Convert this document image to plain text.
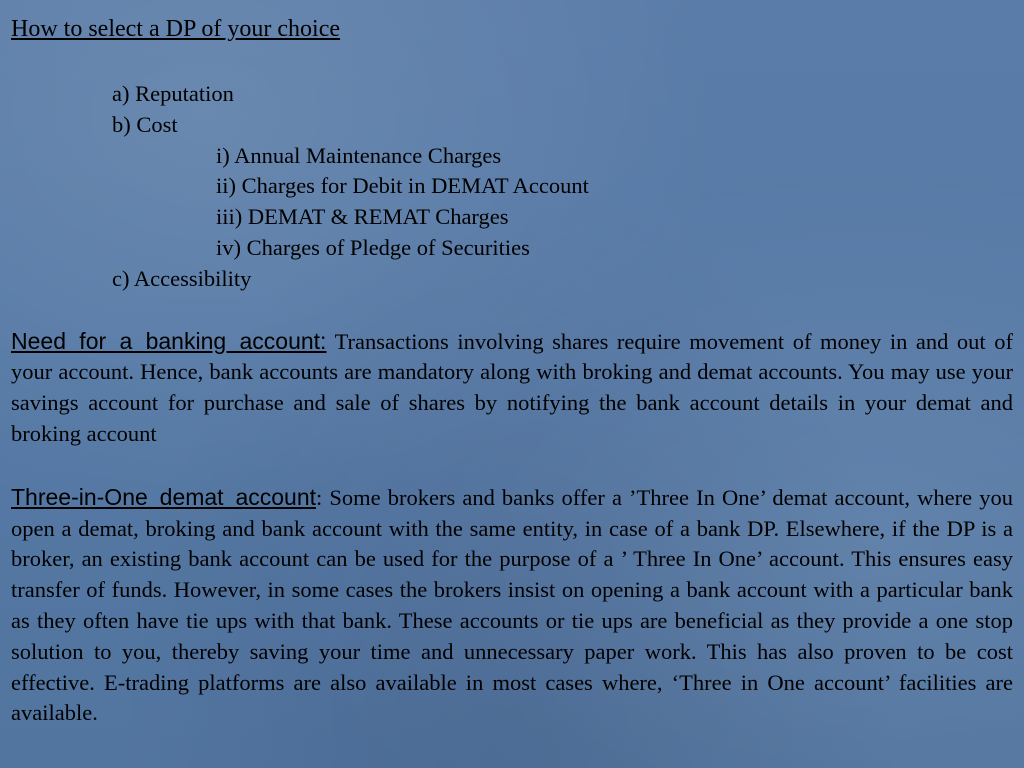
How to select a DP of your choice

a) Reputation
b) Cost
i) Annual Maintenance Charges
ii) Charges for Debit in DEMAT Account
iii) DEMAT & REMAT Charges
iv) Charges of Pledge of Securities
c) Accessibility

Need for a banking account: Transactions involving shares require movement of money in and out of your account. Hence, bank accounts are mandatory along with broking and demat accounts. You may use your savings account for purchase and sale of shares by notifying the bank account details in your demat and broking account

Three-in-One demat account: Some brokers and banks offer a ’Three In One’ demat account, where you open a demat, broking and bank account with the same entity, in case of a bank DP. Elsewhere, if the DP is a broker, an existing bank account can be used for the purpose of a ’ Three In One’ account. This ensures easy transfer of funds. However, in some cases the brokers insist on opening a bank account with a particular bank as they often have tie ups with that bank. These accounts or tie ups are beneficial as they provide a one stop solution to you, thereby saving your time and unnecessary paper work. This has also proven to be cost effective. E-trading platforms are also available in most cases where, ‘Three in One account’ facilities are available.
